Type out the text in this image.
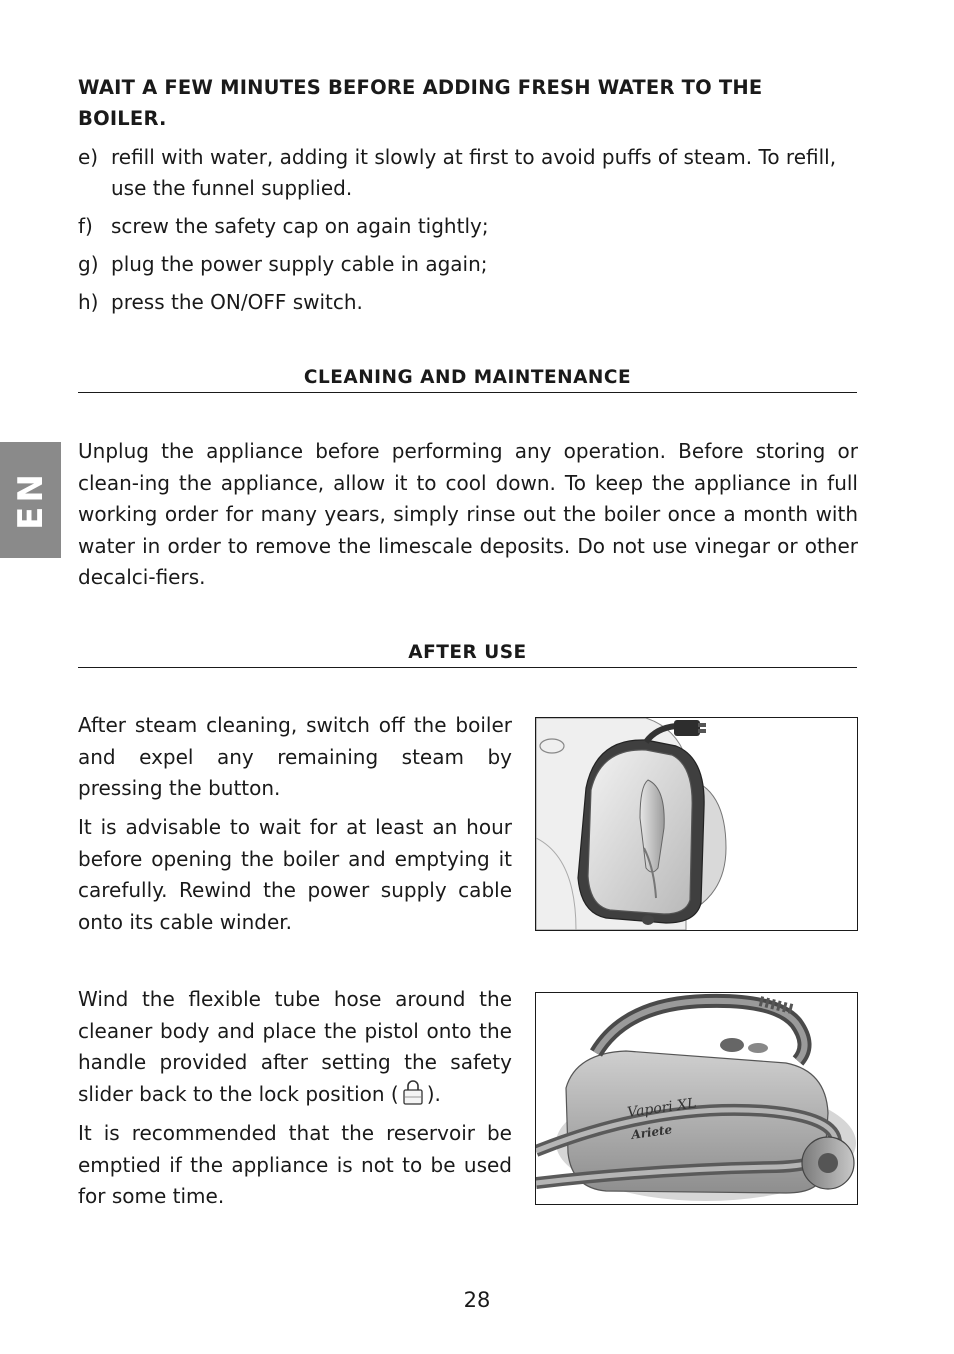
WAIT A FEW MINUTES BEFORE ADDING FRESH WATER TO THE BOILER.

e) refill with water, adding it slowly at first to avoid puffs of steam. To refill, use the funnel supplied.
f) screw the safety cap on again tightly;
g) plug the power supply cable in again;
h) press the ON/OFF switch.
CLEANING AND MAINTENANCE
EN

Unplug the appliance before performing any operation. Before storing or clean-ing the appliance, allow it to cool down. To keep the appliance in full working order for many years, simply rinse out the boiler once a month with water in order to remove the limescale deposits. Do not use vinegar or other decalci-fiers.

AFTER USE

After steam cleaning, switch off the boiler and expel any remaining steam by pressing the button.

It is advisable to wait for at least an hour before opening the boiler and emptying it carefully. Rewind the power supply cable onto its cable winder.

Wind the flexible tube hose around the cleaner body and place the pistol onto the handle provided after setting the safety slider back to the lock position ( ).

It is recommended that the reservoir be emptied if the appliance is not to be used for some time.

Vapori XL
Ariete
28
